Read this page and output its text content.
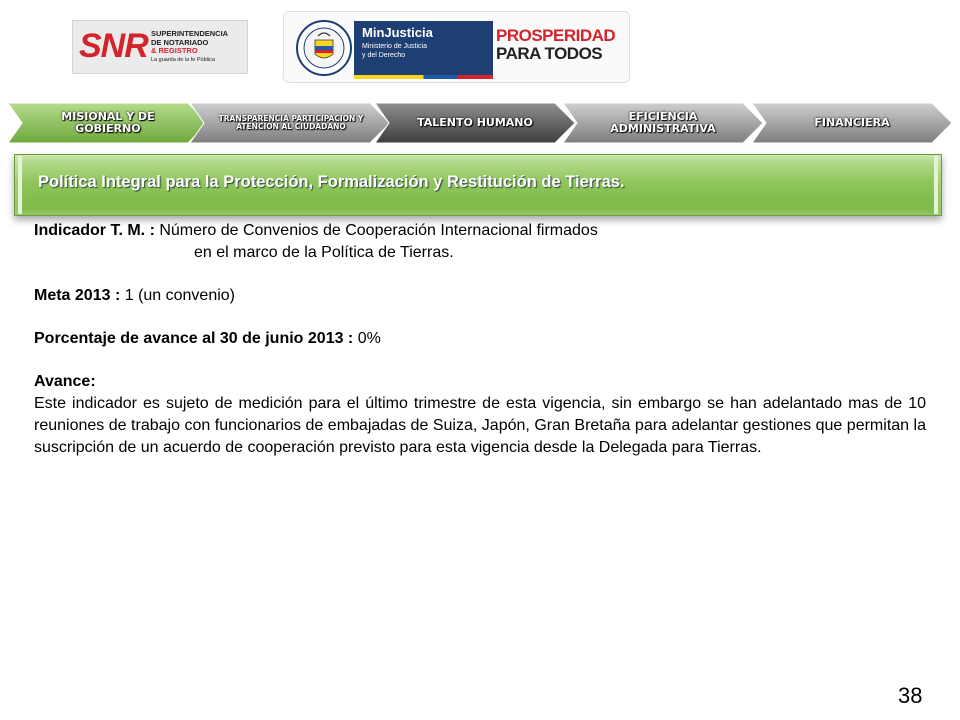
SNR SUPERINTENDENCIA
DE NOTARIADO
& REGISTRO
La guarda de la fe Pública
MinJusticia
Ministerio de Justicia
y del Derecho
PROSPERIDAD
PARA TODOS
MISIONAL Y DE GOBIERNO
TRANSPARENCIA PARTICIPACION Y ATENCION AL CIUDADANO	TALENTO HUMANO	EFICIENCIA ADMINISTRATIVA	FINANCIERA
Política Integral para la Protección, Formalización y Restitución de Tierras.
Indicador T. M. : Número de Convenios de Cooperación Internacional firmados
en el marco de la Política de Tierras.
Meta 2013 : 1 (un convenio)
Porcentaje de avance al 30 de junio 2013 : 0%
Avance:
Este indicador es sujeto de medición para el último trimestre de esta vigencia, sin embargo se han adelantado mas de 10 reuniones de trabajo con funcionarios de embajadas de Suiza, Japón, Gran Bretaña para adelantar gestiones que permitan la suscripción de un acuerdo de cooperación previsto para esta vigencia desde la Delegada para Tierras.
38
